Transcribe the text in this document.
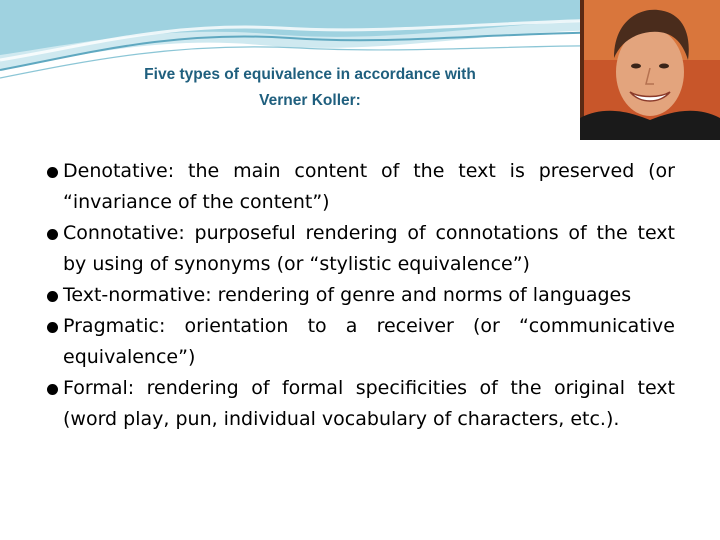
Five types of equivalence in accordance with
Verner Koller:
Denotative: the main content of the text is preserved (or “invariance of the content”)
Connotative: purposeful rendering of connotations of the text by using of synonyms (or “stylistic equivalence”)
Text-normative: rendering of genre and norms of languages
Pragmatic: orientation to a receiver (or “communicative equivalence”)
Formal: rendering of formal specificities of the original text (word play, pun, individual vocabulary of characters, etc.).
